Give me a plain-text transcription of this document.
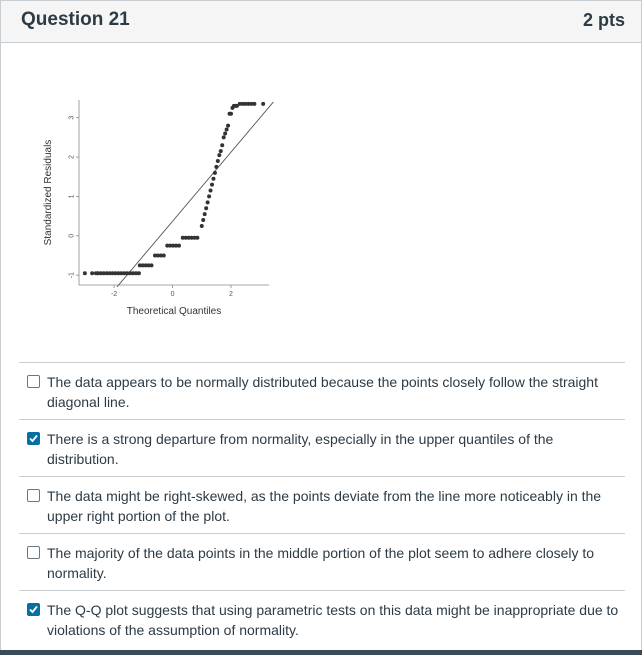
Question 21	2 pts
-2	0	2
-1
0
1
2
3
Theoretical Quantiles
Standardized Residuals
The data appears to be normally distributed because the points closely follow the straight diagonal line.
There is a strong departure from normality, especially in the upper quantiles of the distribution.
The data might be right-skewed, as the points deviate from the line more noticeably in the upper right portion of the plot.
The majority of the data points in the middle portion of the plot seem to adhere closely to normality.
The Q-Q plot suggests that using parametric tests on this data might be inappropriate due to violations of the assumption of normality.
